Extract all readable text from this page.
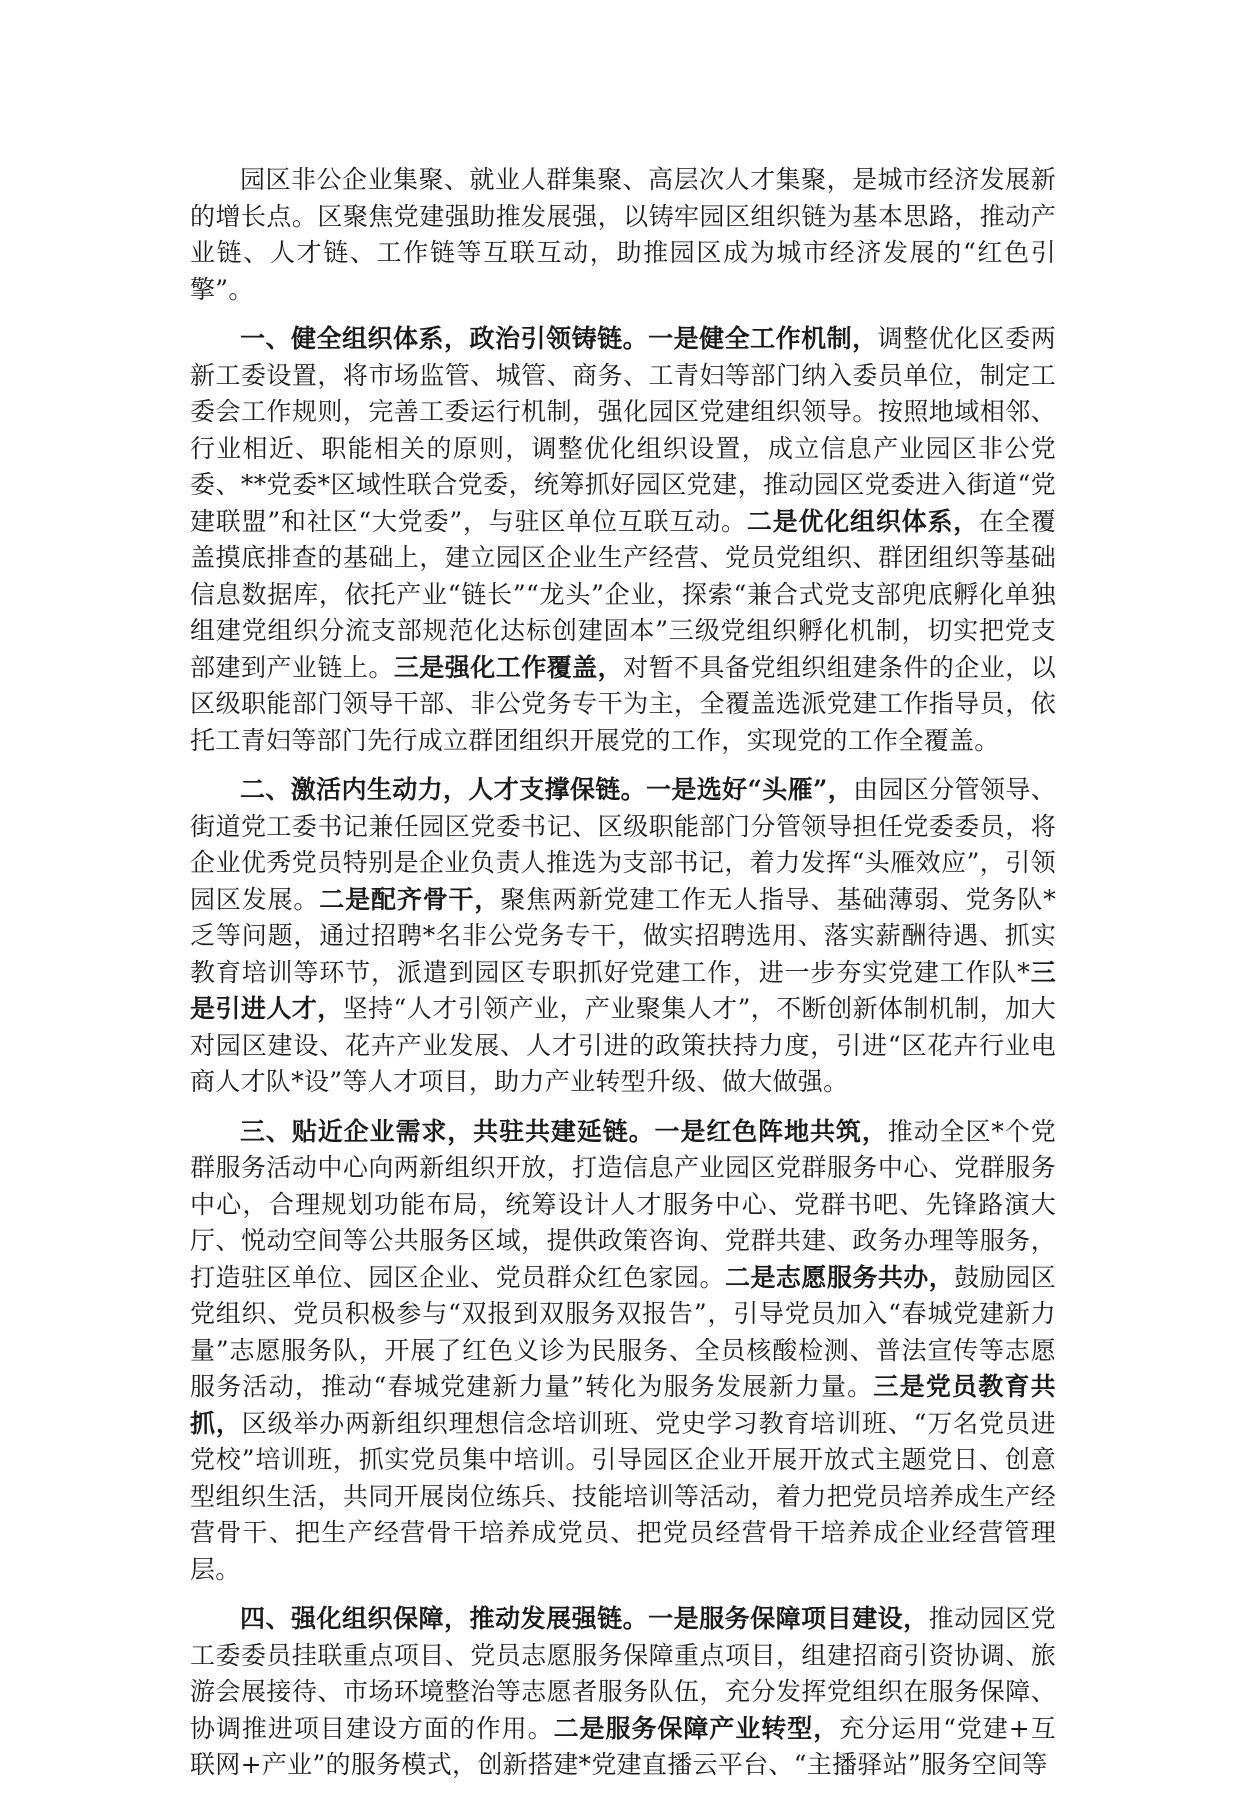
园区非公企业集聚、就业人群集聚、高层次人才集聚，是城市经济发展新的增长点。区聚焦党建强助推发展强，以铸牢园区组织链为基本思路，推动产业链、人才链、工作链等互联互动，助推园区成为城市经济发展的“红色引擎”。

一、健全组织体系，政治引领铸链。一是健全工作机制，调整优化区委两新工委设置，将市场监管、城管、商务、工青妇等部门纳入委员单位，制定工委会工作规则，完善工委运行机制，强化园区党建组织领导。按照地域相邻、行业相近、职能相关的原则，调整优化组织设置，成立信息产业园区非公党委、**党委*区域性联合党委，统筹抓好园区党建，推动园区党委进入街道“党建联盟”和社区“大党委”，与驻区单位互联互动。二是优化组织体系，在全覆盖摸底排查的基础上，建立园区企业生产经营、党员党组织、群团组织等基础信息数据库，依托产业“链长”“龙头”企业，探索“兼合式党支部兜底孵化单独组建党组织分流支部规范化达标创建固本”三级党组织孵化机制，切实把党支部建到产业链上。三是强化工作覆盖，对暂不具备党组织组建条件的企业，以区级职能部门领导干部、非公党务专干为主，全覆盖选派党建工作指导员，依托工青妇等部门先行成立群团组织开展党的工作，实现党的工作全覆盖。

二、激活内生动力，人才支撑保链。一是选好“头雁”，由园区分管领导、街道党工委书记兼任园区党委书记、区级职能部门分管领导担任党委委员，将企业优秀党员特别是企业负责人推选为支部书记，着力发挥“头雁效应”，引领园区发展。二是配齐骨干，聚焦两新党建工作无人指导、基础薄弱、党务队*乏等问题，通过招聘*名非公党务专干，做实招聘选用、落实薪酬待遇、抓实教育培训等环节，派遣到园区专职抓好党建工作，进一步夯实党建工作队*三是引进人才，坚持“人才引领产业，产业聚集人才”，不断创新体制机制，加大对园区建设、花卉产业发展、人才引进的政策扶持力度，引进“区花卉行业电商人才队*设”等人才项目，助力产业转型升级、做大做强。

三、贴近企业需求，共驻共建延链。一是红色阵地共筑，推动全区*个党群服务活动中心向两新组织开放，打造信息产业园区党群服务中心、党群服务中心，合理规划功能布局，统筹设计人才服务中心、党群书吧、先锋路演大厅、悦动空间等公共服务区域，提供政策咨询、党群共建、政务办理等服务，打造驻区单位、园区企业、党员群众红色家园。二是志愿服务共办，鼓励园区党组织、党员积极参与“双报到双服务双报告”，引导党员加入“春城党建新力量”志愿服务队，开展了红色义诊为民服务、全员核酸检测、普法宣传等志愿服务活动，推动“春城党建新力量”转化为服务发展新力量。三是党员教育共抓，区级举办两新组织理想信念培训班、党史学习教育培训班、“万名党员进党校”培训班，抓实党员集中培训。引导园区企业开展开放式主题党日、创意型组织生活，共同开展岗位练兵、技能培训等活动，着力把党员培养成生产经营骨干、把生产经营骨干培养成党员、把党员经营骨干培养成企业经营管理层。

四、强化组织保障，推动发展强链。一是服务保障项目建设，推动园区党工委委员挂联重点项目、党员志愿服务保障重点项目，组建招商引资协调、旅游会展接待、市场环境整治等志愿者服务队伍，充分发挥党组织在服务保障、协调推进项目建设方面的作用。二是服务保障产业转型，充分运用“党建+互联网+产业”的服务模式，创新搭建*党建直播云平台、“主播驿站”服务空间等
